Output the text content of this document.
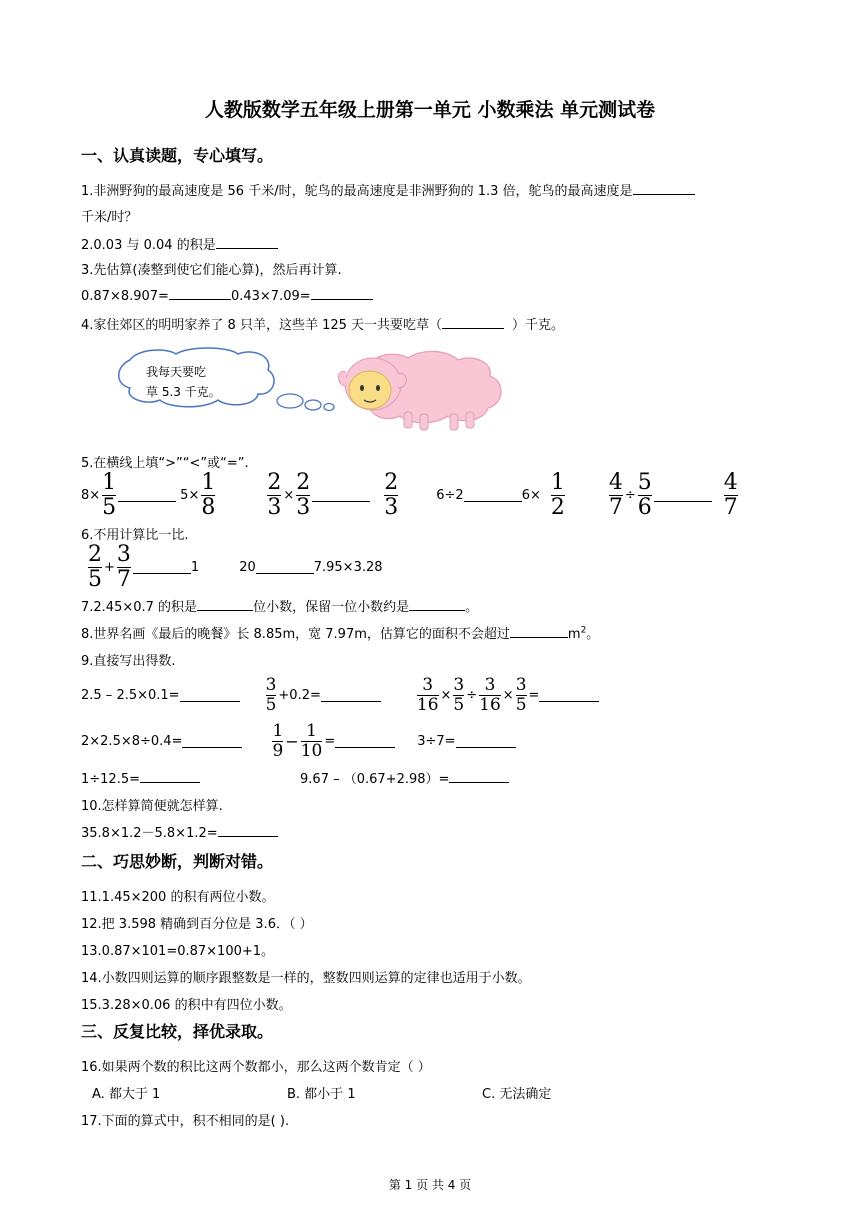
人教版数学五年级上册第一单元 小数乘法 单元测试卷
一、认真读题，专心填写。
1.非洲野狗的最高速度是 56 千米/时，鸵鸟的最高速度是非洲野狗的 1.3 倍，鸵鸟的最高速度是
千米/时？
2.0.03 与 0.04 的积是
3.先估算(凑整到使它们能心算)，然后再计算.
0.87×8.907=	0.43×7.09=
4.家住郊区的明明家养了 8 只羊，这些羊 125 天一共要吃草（	）千克。
我每天要吃
草 5.3 千克。
5.在横线上填“>”“<”或“=”.
$8\times \frac{1}{5}$	$5\times \frac{1}{8} \frac{2}{3} \times \frac{2}{3}$	$\frac{2}{3}$	6÷2	$6\times \frac{1}{2} \frac{4}{7} \div \frac{5}{6}$	$\frac{4}{7}$
6.不用计算比一比.
$\frac{2}{5} + \frac{3}{7}$	1	20	7.95×3.28
7.2.45×0.7 的积是	位小数，保留一位小数约是	。
8.世界名画《最后的晚餐》长 8.85m，宽 7.97m，估算它的面积不会超过	$m^2$。
9.直接写出得数.
2.5 – 2.5×0.1=	$\frac{3}{5} +0.2=$	$\frac{3}{16} \times \frac{3}{5} \div \frac{3}{16} \times \frac{3}{5}$ =
2×2.5×8÷0.4=	$\frac{1}{9} - \frac{1}{10}$ =	3÷7=
1÷12.5=	9.67 – （0.67+2.98）=
10.怎样算简便就怎样算.
35.8×1.2－5.8×1.2=
二、巧思妙断，判断对错。
11.1.45×200 的积有两位小数。
12.把 3.598 精确到百分位是 3.6．（ ）
13.0.87×101=0.87×100+1。
14.小数四则运算的顺序跟整数是一样的，整数四则运算的定律也适用于小数。
15.3.28×0.06 的积中有四位小数。
三、反复比较，择优录取。
16.如果两个数的积比这两个数都小，那么这两个数肯定（ ）
A. 都大于 1	B. 都小于 1	C. 无法确定
17.下面的算式中，积不相同的是( ).
第 1 页 共 4 页
